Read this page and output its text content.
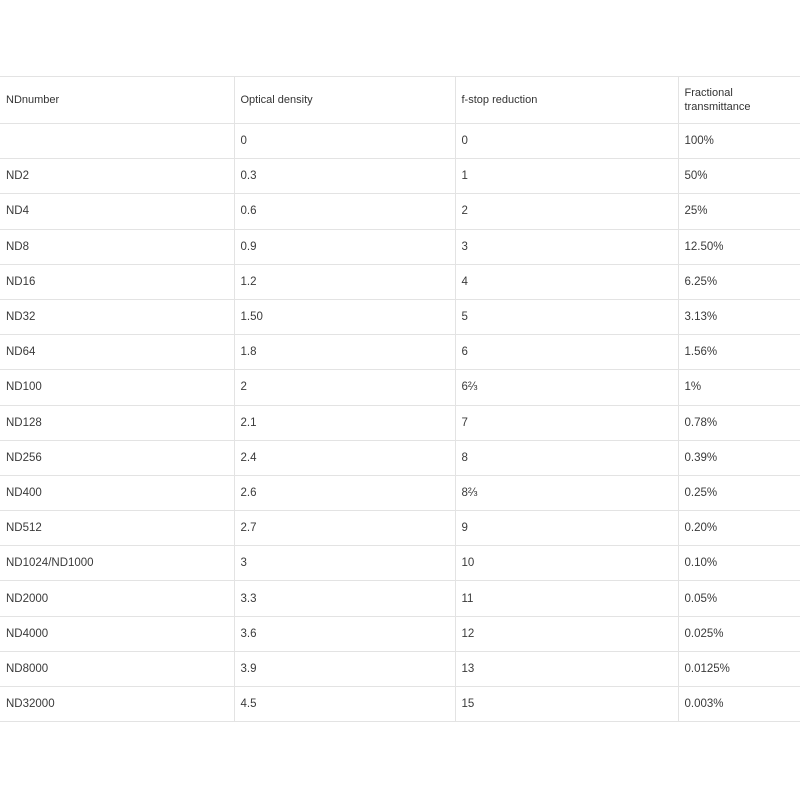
NDnumber	Optical density	f-stop reduction	Fractional transmittance
	0	0	100%
ND2	0.3	1	50%
ND4	0.6	2	25%
ND8	0.9	3	12.50%
ND16	1.2	4	6.25%
ND32	1.50	5	3.13%
ND64	1.8	6	1.56%
ND100	2	6⅔	1%
ND128	2.1	7	0.78%
ND256	2.4	8	0.39%
ND400	2.6	8⅔	0.25%
ND512	2.7	9	0.20%
ND1024/ND1000	3	10	0.10%
ND2000	3.3	11	0.05%
ND4000	3.6	12	0.025%
ND8000	3.9	13	0.0125%
ND32000	4.5	15	0.003%
